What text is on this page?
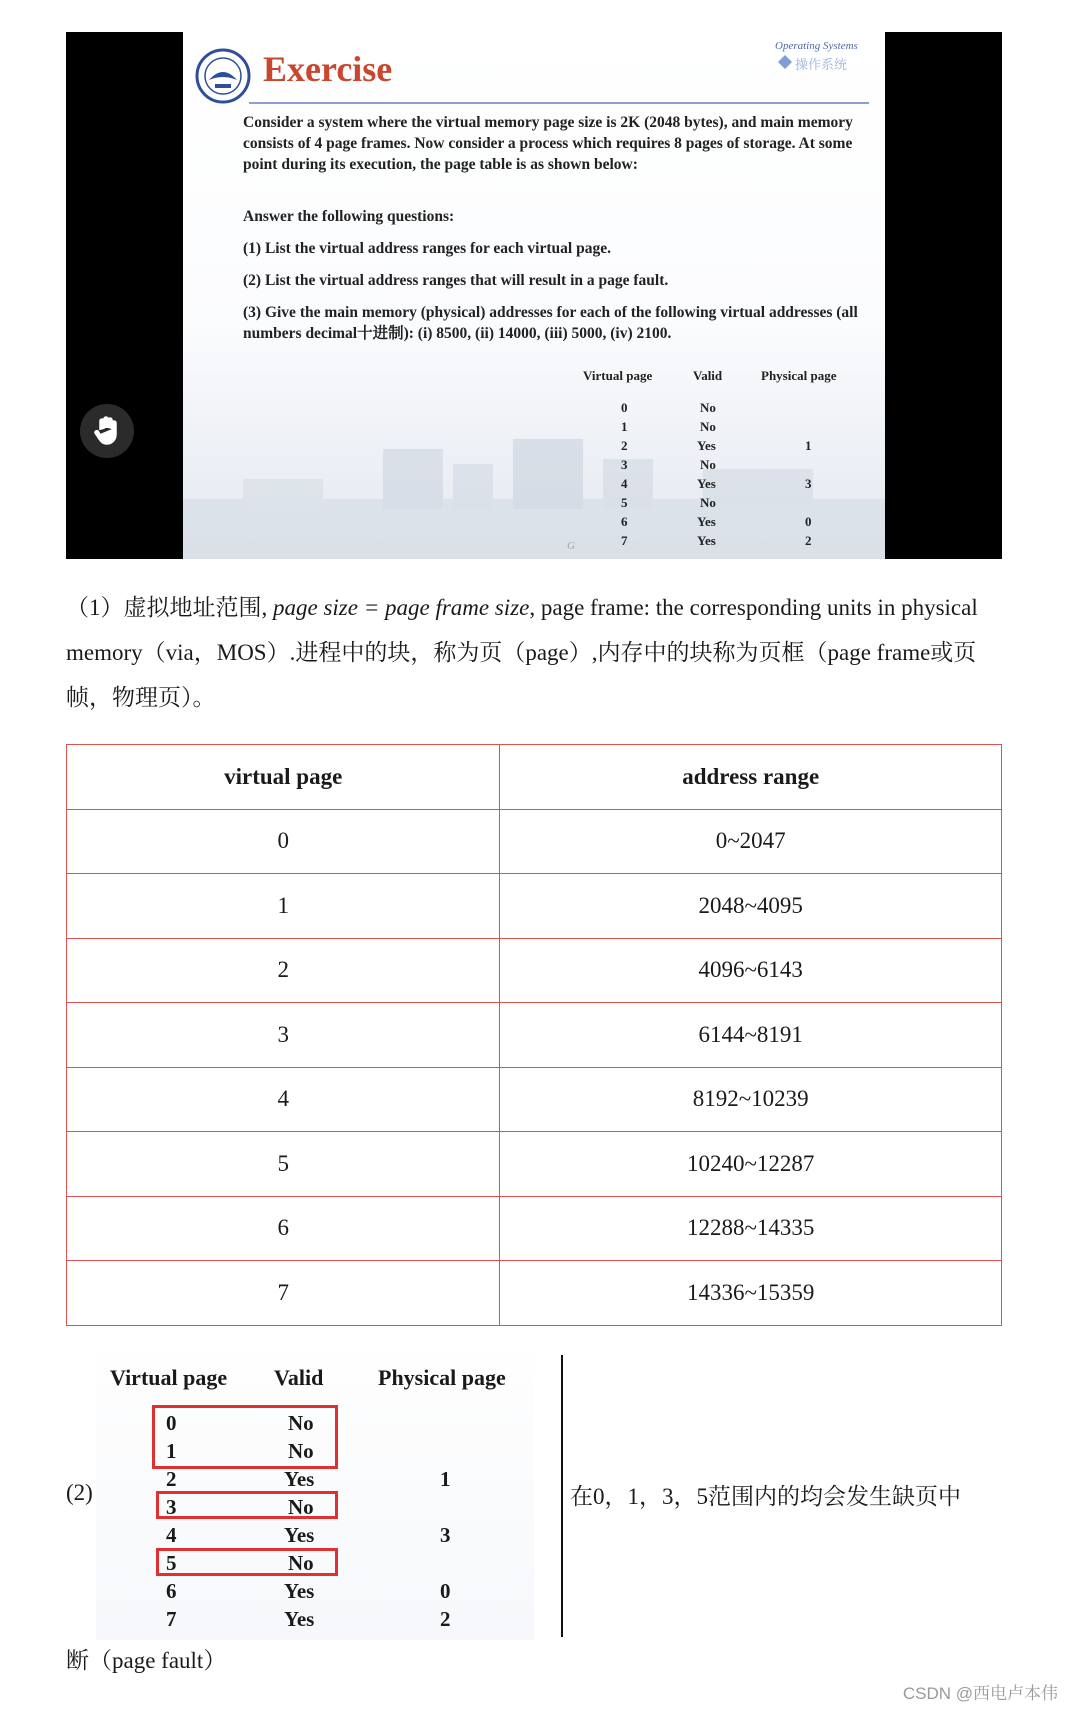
Exercise
Operating Systems
操作系统
Consider a system where the virtual memory page size is 2K (2048 bytes), and main memory consists of 4 page frames. Now consider a process which requires 8 pages of storage. At some point during its execution, the page table is as shown below:
Answer the following questions:
(1) List the virtual address ranges for each virtual page.
(2) List the virtual address ranges that will result in a page fault.
(3) Give the main memory (physical) addresses for each of the following virtual addresses (all numbers decimal十进制): (i) 8500, (ii) 14000, (iii) 5000, (iv) 2100.
Virtual page	Valid	Physical page
0	No
1	No
2	Yes	1
3	No
4	Yes	3
5	No
6	Yes	0
7	Yes	2
G
（1）虚拟地址范围, page size = page frame size, page frame: the corresponding units in physical memory（via，MOS）.进程中的块，称为页（page）,内存中的块称为页框（page frame或页帧，物理页）。
virtual page	address range
0	0~2047
1	2048~4095
2	4096~6143
3	6144~8191
4	8192~10239
5	10240~12287
6	12288~14335
7	14336~15359
(2)
Virtual page Valid Physical page
0	No
1	No
2	Yes	1
3	No
4	Yes	3
5	No
6	Yes	0
7	Yes	2
在0，1，3，5范围内的均会发生缺页中
断（page fault）
CSDN @西电卢本伟
